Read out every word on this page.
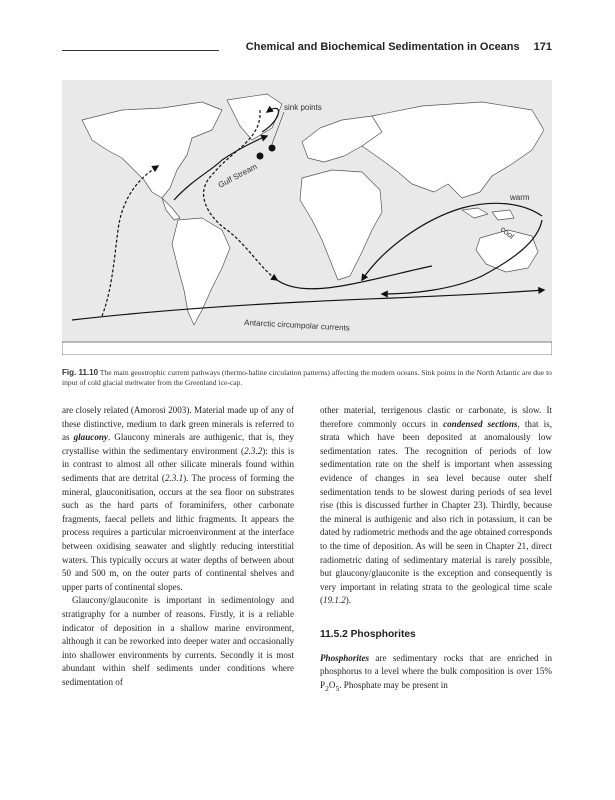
Chemical and Biochemical Sedimentation in Oceans 171
sink points
Gulf Stream
warm
cool
Antarctic circumpolar currents
Fig. 11.10 The main geostrophic current pathways (thermo-haline circulation patterns) affecting the modern oceans. Sink points in the North Atlantic are due to input of cold glacial meltwater from the Greenland ice-cap.

are closely related (Amorosi 2003). Material made up of any of these distinctive, medium to dark green minerals is referred to as glaucony. Glaucony minerals are authigenic, that is, they crystallise within the sedimentary environment (2.3.2): this is in contrast to almost all other silicate minerals found within sediments that are detrital (2.3.1). The process of forming the mineral, glauconitisation, occurs at the sea floor on substrates such as the hard parts of foraminifers, other carbonate fragments, faecal pellets and lithic fragments. It appears the process requires a particular microenvironment at the interface between oxidising seawater and slightly reducing interstitial waters. This typically occurs at water depths of between about 50 and 500 m, on the outer parts of continental shelves and upper parts of continental slopes.

Glaucony/glauconite is important in sedimentology and stratigraphy for a number of reasons. Firstly, it is a reliable indicator of deposition in a shallow marine environment, although it can be reworked into deeper water and occasionally into shallower environments by currents. Secondly it is most abundant within shelf sediments under conditions where sedimentation of

other material, terrigenous clastic or carbonate, is slow. It therefore commonly occurs in condensed sections, that is, strata which have been deposited at anomalously low sedimentation rates. The recognition of periods of low sedimentation rate on the shelf is important when assessing evidence of changes in sea level because outer shelf sedimentation tends to be slowest during periods of sea level rise (this is discussed further in Chapter 23). Thirdly, because the mineral is authigenic and also rich in potassium, it can be dated by radiometric methods and the age obtained corresponds to the time of deposition. As will be seen in Chapter 21, direct radiometric dating of sedimentary material is rarely possible, but glaucony/glauconite is the exception and consequently is very important in relating strata to the geological time scale (19.1.2).

11.5.2 Phosphorites

Phosphorites are sedimentary rocks that are enriched in phosphorus to a level where the bulk composition is over 15% $P_2O_5$. Phosphate may be present in
